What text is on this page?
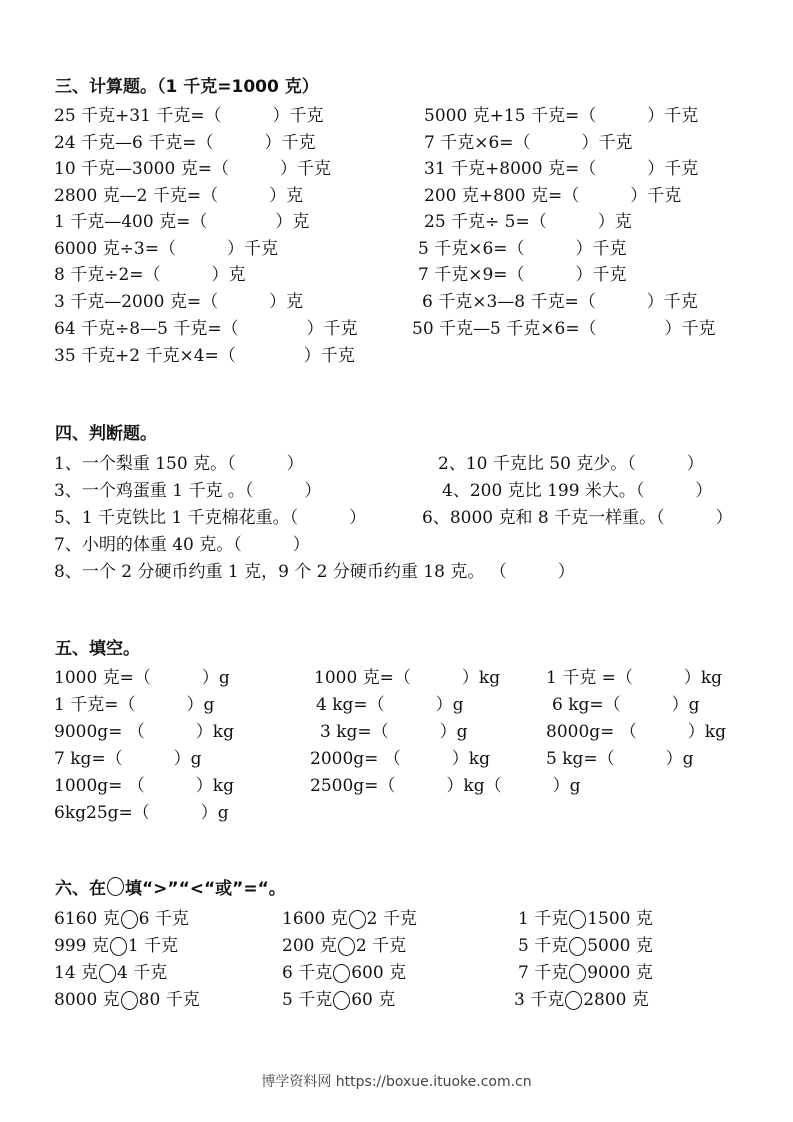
三、计算题。（1 千克=1000 克）
25 千克+31 千克=（　　　）千克	5000 克+15 千克=（　　　）千克
24 千克—6 千克=（　　　）千克	7 千克×6=（　　　）千克
10 千克—3000 克=（　　　）千克	31 千克+8000 克=（　　　）千克
2800 克—2 千克=（　　　）克	200 克+800 克=（　　　）千克
1 千克—400 克=（　　　　）克	25 千克÷ 5=（　　　）克
6000 克÷3=（　　　）千克	5 千克×6=（　　　）千克
8 千克÷2=（　　　）克	7 千克×9=（　　　）千克
3 千克—2000 克=（　　　）克	6 千克×3—8 千克=（　　　）千克
64 千克÷8—5 千克=（　　　　）千克	50 千克—5 千克×6=（　　　　）千克
35 千克+2 千克×4=（　　　　）千克
四、判断题。
1、一个梨重 150 克。（　　　）	2、10 千克比 50 克少。（　　　）
3、一个鸡蛋重 1 千克 。（　　　）	4、200 克比 199 米大。（　　　）
5、1 千克铁比 1 千克棉花重。（　　　）	6、8000 克和 8 千克一样重。（　　　）
7、小明的体重 40 克。（　　　）
8、一个 2 分硬币约重 1 克，9 个 2 分硬币约重 18 克。 （　　　）
五、填空。
1000 克=（　　　）g	1000 克=（　　　）kg	1 千克 =（　　　）kg
1 千克=（　　　）g	4 kg=（　　　）g	6 kg=（　　　）g
9000g= （　　　）kg	3 kg=（　　　）g	8000g= （　　　）kg
7 kg=（　　　）g	2000g= （　　　）kg	5 kg=（　　　）g
1000g= （　　　）kg	2500g=（　　　）kg（　　　）g
6kg25g=（　　　）g
六、在 填“>”“<“或”=“。
6160 克 6 千克	1600 克 2 千克	1 千克 1500 克
999 克 1 千克	200 克 2 千克	5 千克 5000 克
14 克 4 千克	6 千克 600 克	7 千克 9000 克
8000 克 80 千克	5 千克 60 克	3 千克 2800 克
博学资料网 https://boxue.ituoke.com.cn
